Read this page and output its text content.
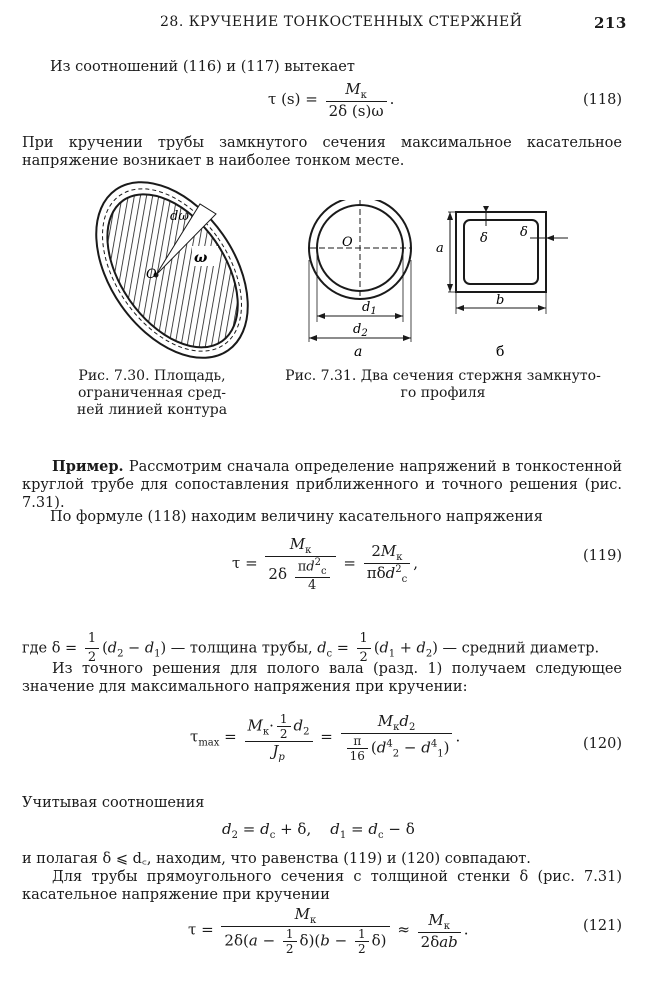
28. КРУЧЕНИЕ ТОНКОСТЕННЫХ СТЕРЖНЕЙ	213
Из соотношений (116) и (117) вытекает
τ $(s) = \frac{M_к}{2\delta (s)\omega}$ .	(118)
При кручении трубы замкнутого сечения максимальное касательное напряжение возникает в наиболее тонком месте.
dω
ω
O
O
$d_1$
$d_2$
a
b
δ δ
a	б
Рис. 7.30. Площадь,
ограниченная сред-
ней линией контура
Рис. 7.31. Два сечения стержня замкнуто-
го профиля
Пример. Рассмотрим сначала определение напряжений в тонкостенной круглой трубе для сопоставления приближенного и точного решения (рис. 7.31).
По формуле (118) находим величину касательного напряжения
$\tau = \frac{M_к}{2\delta \frac{\pi d^2_c}{4}} = \frac{2M_к}{\pi\delta d^2_c}$ ,	(119)
где $\delta = \frac{1}{2} (d_2 - d_1)$ — толщина трубы, $d_c = \frac{1}{2} (d_1 + d_2)$ — средний диаметр.
Из точного решения для полого вала (разд. 1) получаем следующее значение для максимального напряжения при кручении:
$\tau_{max} = \frac{M_к\cdot \frac{1}{2} d_2}{J_p} = \frac{M_кd_2}{\frac{\pi}{16} (d^4_2 - d^4_1)}$ .	(120)
Учитывая соотношения
$d_2 = d_c + \delta$,    $d_1 = d_c - \delta$
и полагая δ ⩽ d꜀, находим, что равенства (119) и (120) совпадают.
Для трубы прямоугольного сечения с толщиной стенки δ (рис. 7.31) касательное напряжение при кручении
$\tau = \frac{M_к}{2\delta(a - \frac{1}{2} \delta)(b - \frac{1}{2} \delta)} \approx \frac{M_к}{\text{2δab}}$ .	(121)
